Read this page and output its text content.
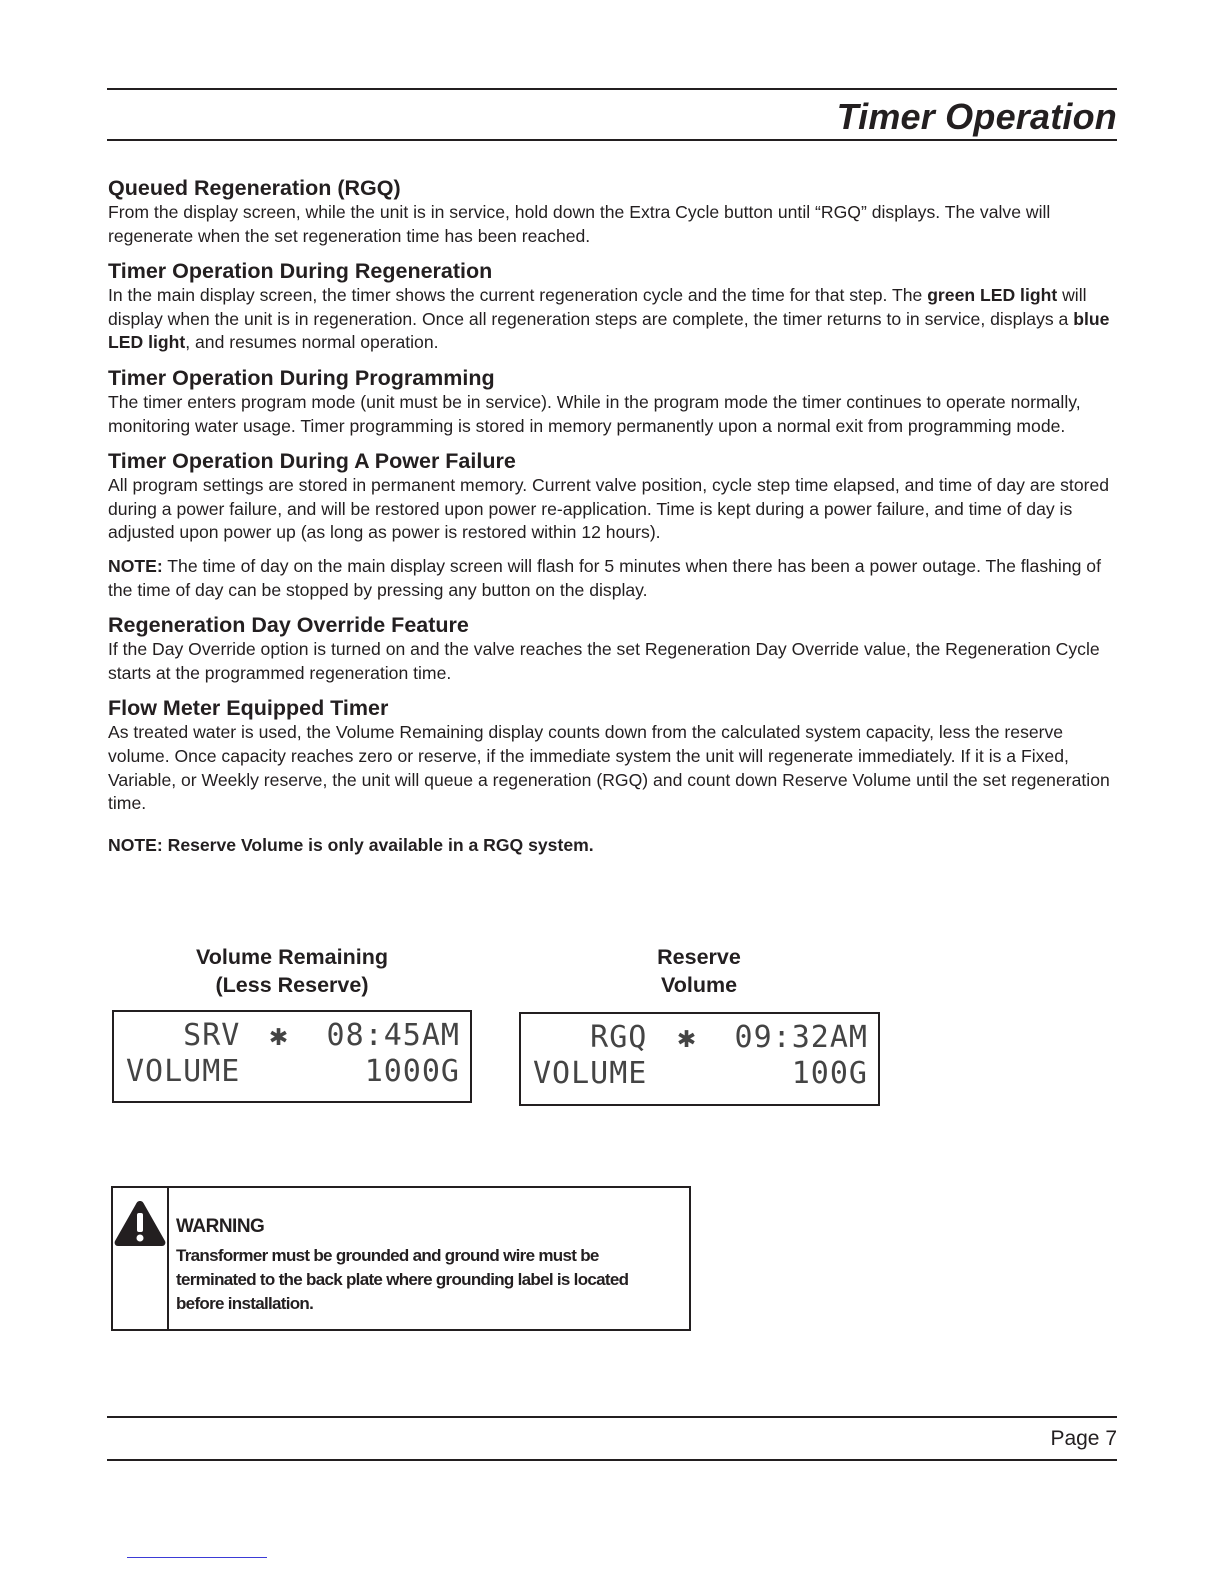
Timer Operation
Queued Regeneration (RGQ)

From the display screen, while the unit is in service, hold down the Extra Cycle button until “RGQ” displays. The valve will regenerate when the set regeneration time has been reached.

Timer Operation During Regeneration

In the main display screen, the timer shows the current regeneration cycle and the time for that step. The green LED light will display when the unit is in regeneration. Once all regeneration steps are complete, the timer returns to in service, displays a blue LED light, and resumes normal operation.

Timer Operation During Programming

The timer enters program mode (unit must be in service). While in the program mode the timer continues to operate normally, monitoring water usage. Timer programming is stored in memory permanently upon a normal exit from programming mode.

Timer Operation During A Power Failure

All program settings are stored in permanent memory. Current valve position, cycle step time elapsed, and time of day are stored during a power failure, and will be restored upon power re-application. Time is kept during a power failure, and time of day is adjusted upon power up (as long as power is restored within 12 hours).

NOTE: The time of day on the main display screen will flash for 5 minutes when there has been a power outage. The flashing of the time of day can be stopped by pressing any button on the display.

Regeneration Day Override Feature

If the Day Override option is turned on and the valve reaches the set Regeneration Day Override value, the Regeneration Cycle starts at the programmed regeneration time.

Flow Meter Equipped Timer

As treated water is used, the Volume Remaining display counts down from the calculated system capacity, less the reserve volume. Once capacity reaches zero or reserve, if the immediate system the unit will regenerate immediately. If it is a Fixed, Variable, or Weekly reserve, the unit will queue a regeneration (RGQ) and count down Reserve Volume until the set regeneration time.

NOTE: Reserve Volume is only available in a RGQ system.

Volume Remaining
(Less Reserve)
Reserve
Volume
SRV ✱  08:45AM
VOLUME	1000G
RGQ ✱  09:32AM
VOLUME	100G
WARNING

Transformer must be grounded and ground wire must be terminated to the back plate where grounding label is located before installation.

Page 7
